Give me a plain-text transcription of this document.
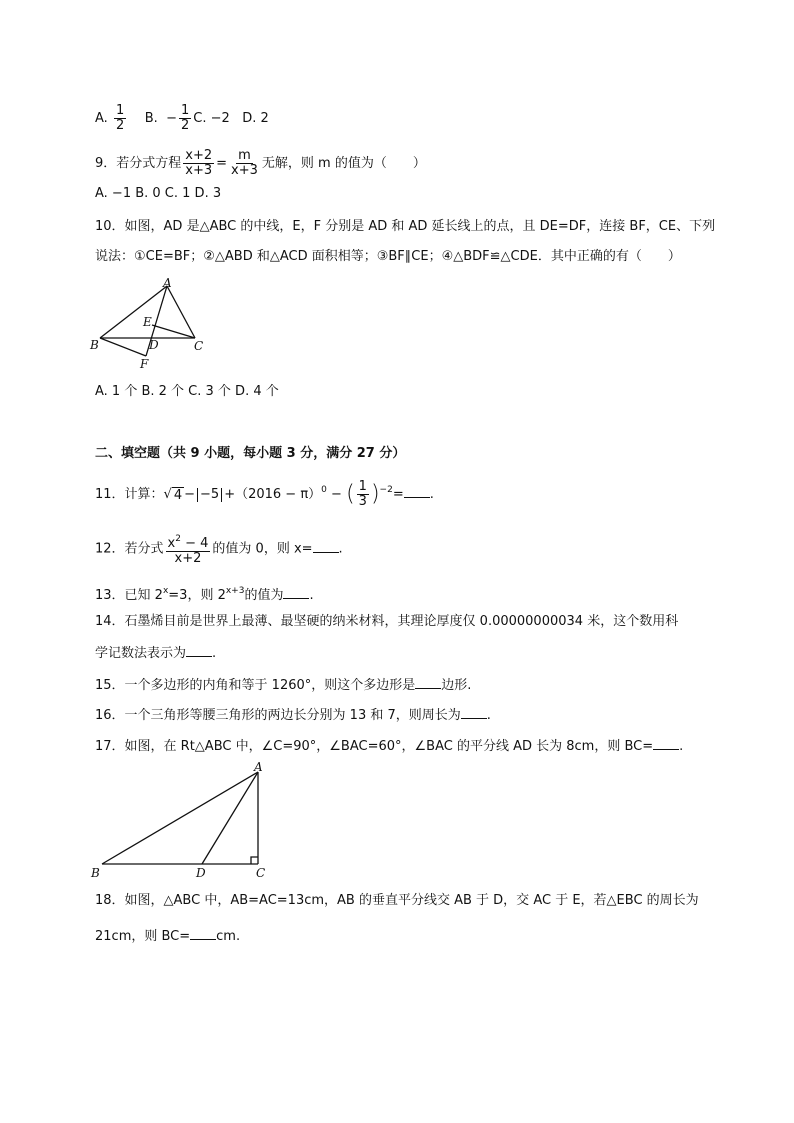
A. $\frac{1}{2} B$. − $\frac{1}{2} C$. −2 D. 2
9．若分式方程 $\frac{x+2}{x+3} = \frac{m}{x+3}$ 无解，则 m 的值为（　　）
A. −1 B. 0 C. 1 D. 3
10．如图，AD 是△ABC 的中线，E，F 分别是 AD 和 AD 延长线上的点，且 DE=DF，连接 BF，CE、下列
说法：①CE=BF；②△ABD 和△ACD 面积相等；③BF∥CE；④△BDF≌△CDE．其中正确的有（　　）
A
B	C
D
E
F
A. 1 个 B. 2 个 C. 3 个 D. 4 个
二、填空题（共 9 小题，每小题 3 分，满分 27 分）
11．计算： √ $4 - -5 +(2016 - \pi)^0$ − ( $\frac{1}{3} )^{-2}=$ .
12．若分式 $\frac{x^2 - 4}{x+2}$ 的值为 0，则 x= .
13．已知 $2^x=3$，则 $2^{x+3}$的值为 .
14．石墨烯目前是世界上最薄、最坚硬的纳米材料，其理论厚度仅 0.00000000034 米，这个数用科
学记数法表示为 .
15．一个多边形的内角和等于 1260°，则这个多边形是 边形.
16．一个三角形等腰三角形的两边长分别为 13 和 7，则周长为 .
17．如图，在 Rt△ABC 中，∠C=90°，∠BAC=60°，∠BAC 的平分线 AD 长为 8cm，则 BC= .
A
B	C
D
18．如图，△ABC 中，AB=AC=13cm，AB 的垂直平分线交 AB 于 D，交 AC 于 E，若△EBC 的周长为
21cm，则 BC= cm.
